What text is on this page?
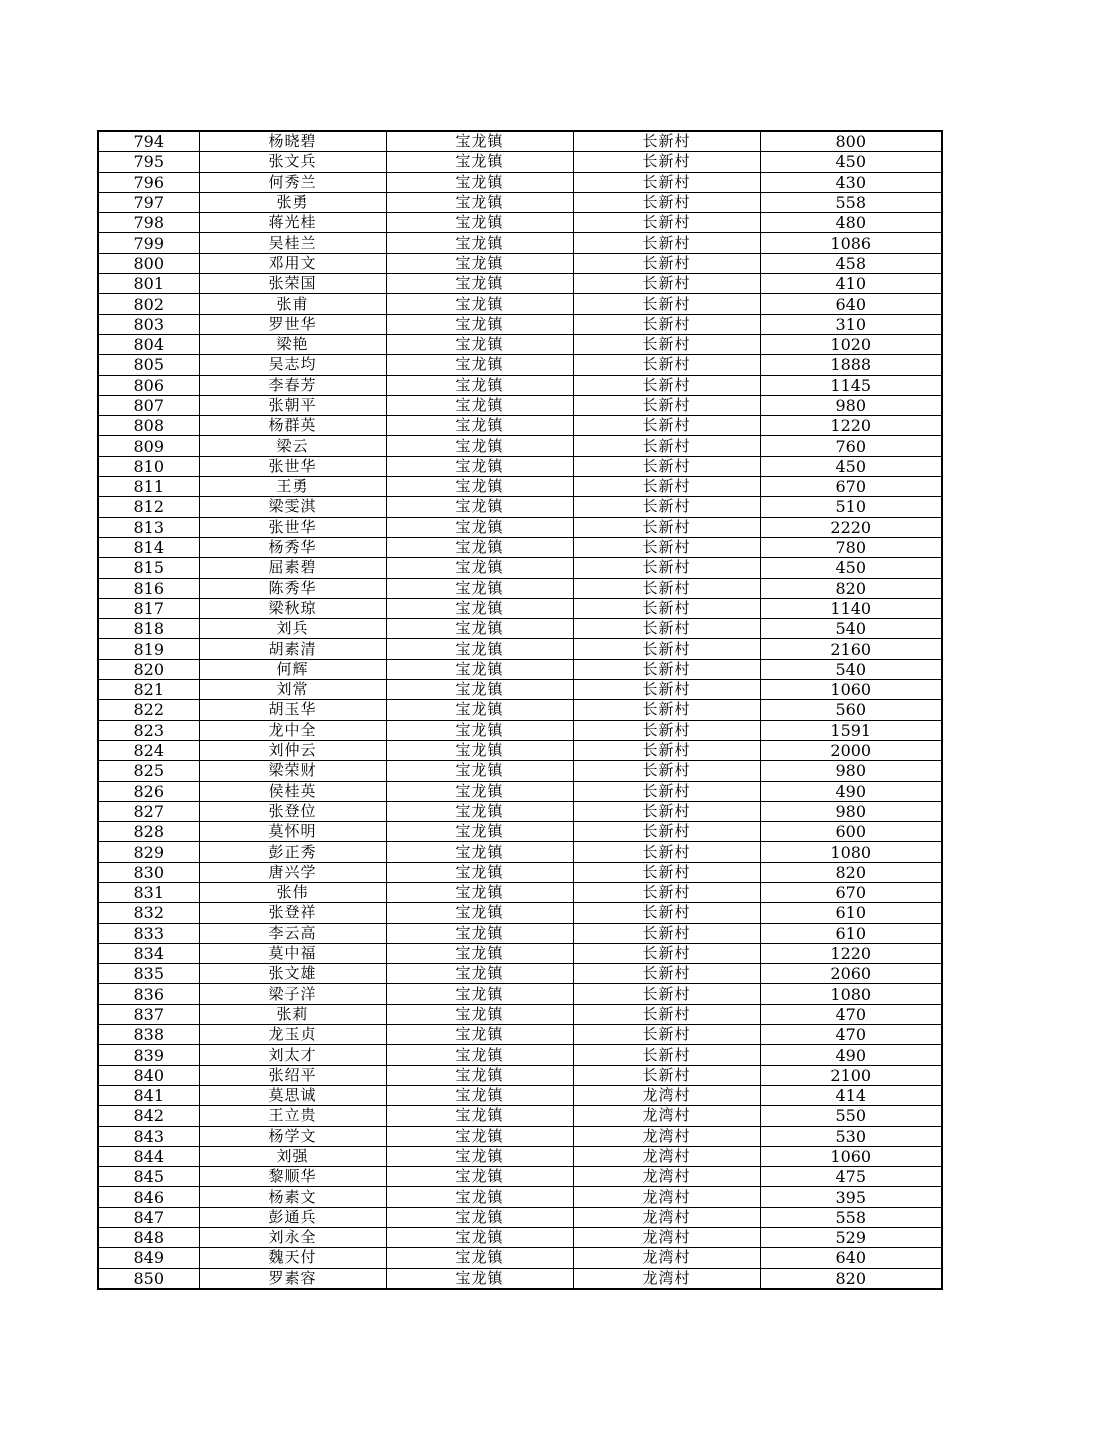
794	杨晓碧	宝龙镇	长新村	800
795	张文兵	宝龙镇	长新村	450
796	何秀兰	宝龙镇	长新村	430
797	张勇	宝龙镇	长新村	558
798	蒋光桂	宝龙镇	长新村	480
799	吴桂兰	宝龙镇	长新村	1086
800	邓用文	宝龙镇	长新村	458
801	张荣国	宝龙镇	长新村	410
802	张甫	宝龙镇	长新村	640
803	罗世华	宝龙镇	长新村	310
804	梁艳	宝龙镇	长新村	1020
805	吴志均	宝龙镇	长新村	1888
806	李春芳	宝龙镇	长新村	1145
807	张朝平	宝龙镇	长新村	980
808	杨群英	宝龙镇	长新村	1220
809	梁云	宝龙镇	长新村	760
810	张世华	宝龙镇	长新村	450
811	王勇	宝龙镇	长新村	670
812	梁雯淇	宝龙镇	长新村	510
813	张世华	宝龙镇	长新村	2220
814	杨秀华	宝龙镇	长新村	780
815	屈素碧	宝龙镇	长新村	450
816	陈秀华	宝龙镇	长新村	820
817	梁秋琼	宝龙镇	长新村	1140
818	刘兵	宝龙镇	长新村	540
819	胡素清	宝龙镇	长新村	2160
820	何辉	宝龙镇	长新村	540
821	刘常	宝龙镇	长新村	1060
822	胡玉华	宝龙镇	长新村	560
823	龙中全	宝龙镇	长新村	1591
824	刘仲云	宝龙镇	长新村	2000
825	梁荣财	宝龙镇	长新村	980
826	侯桂英	宝龙镇	长新村	490
827	张登位	宝龙镇	长新村	980
828	莫怀明	宝龙镇	长新村	600
829	彭正秀	宝龙镇	长新村	1080
830	唐兴学	宝龙镇	长新村	820
831	张伟	宝龙镇	长新村	670
832	张登祥	宝龙镇	长新村	610
833	李云高	宝龙镇	长新村	610
834	莫中福	宝龙镇	长新村	1220
835	张文雄	宝龙镇	长新村	2060
836	梁子洋	宝龙镇	长新村	1080
837	张莉	宝龙镇	长新村	470
838	龙玉贞	宝龙镇	长新村	470
839	刘太才	宝龙镇	长新村	490
840	张绍平	宝龙镇	长新村	2100
841	莫思诚	宝龙镇	龙湾村	414
842	王立贵	宝龙镇	龙湾村	550
843	杨学文	宝龙镇	龙湾村	530
844	刘强	宝龙镇	龙湾村	1060
845	黎顺华	宝龙镇	龙湾村	475
846	杨素文	宝龙镇	龙湾村	395
847	彭通兵	宝龙镇	龙湾村	558
848	刘永全	宝龙镇	龙湾村	529
849	魏天付	宝龙镇	龙湾村	640
850	罗素容	宝龙镇	龙湾村	820
